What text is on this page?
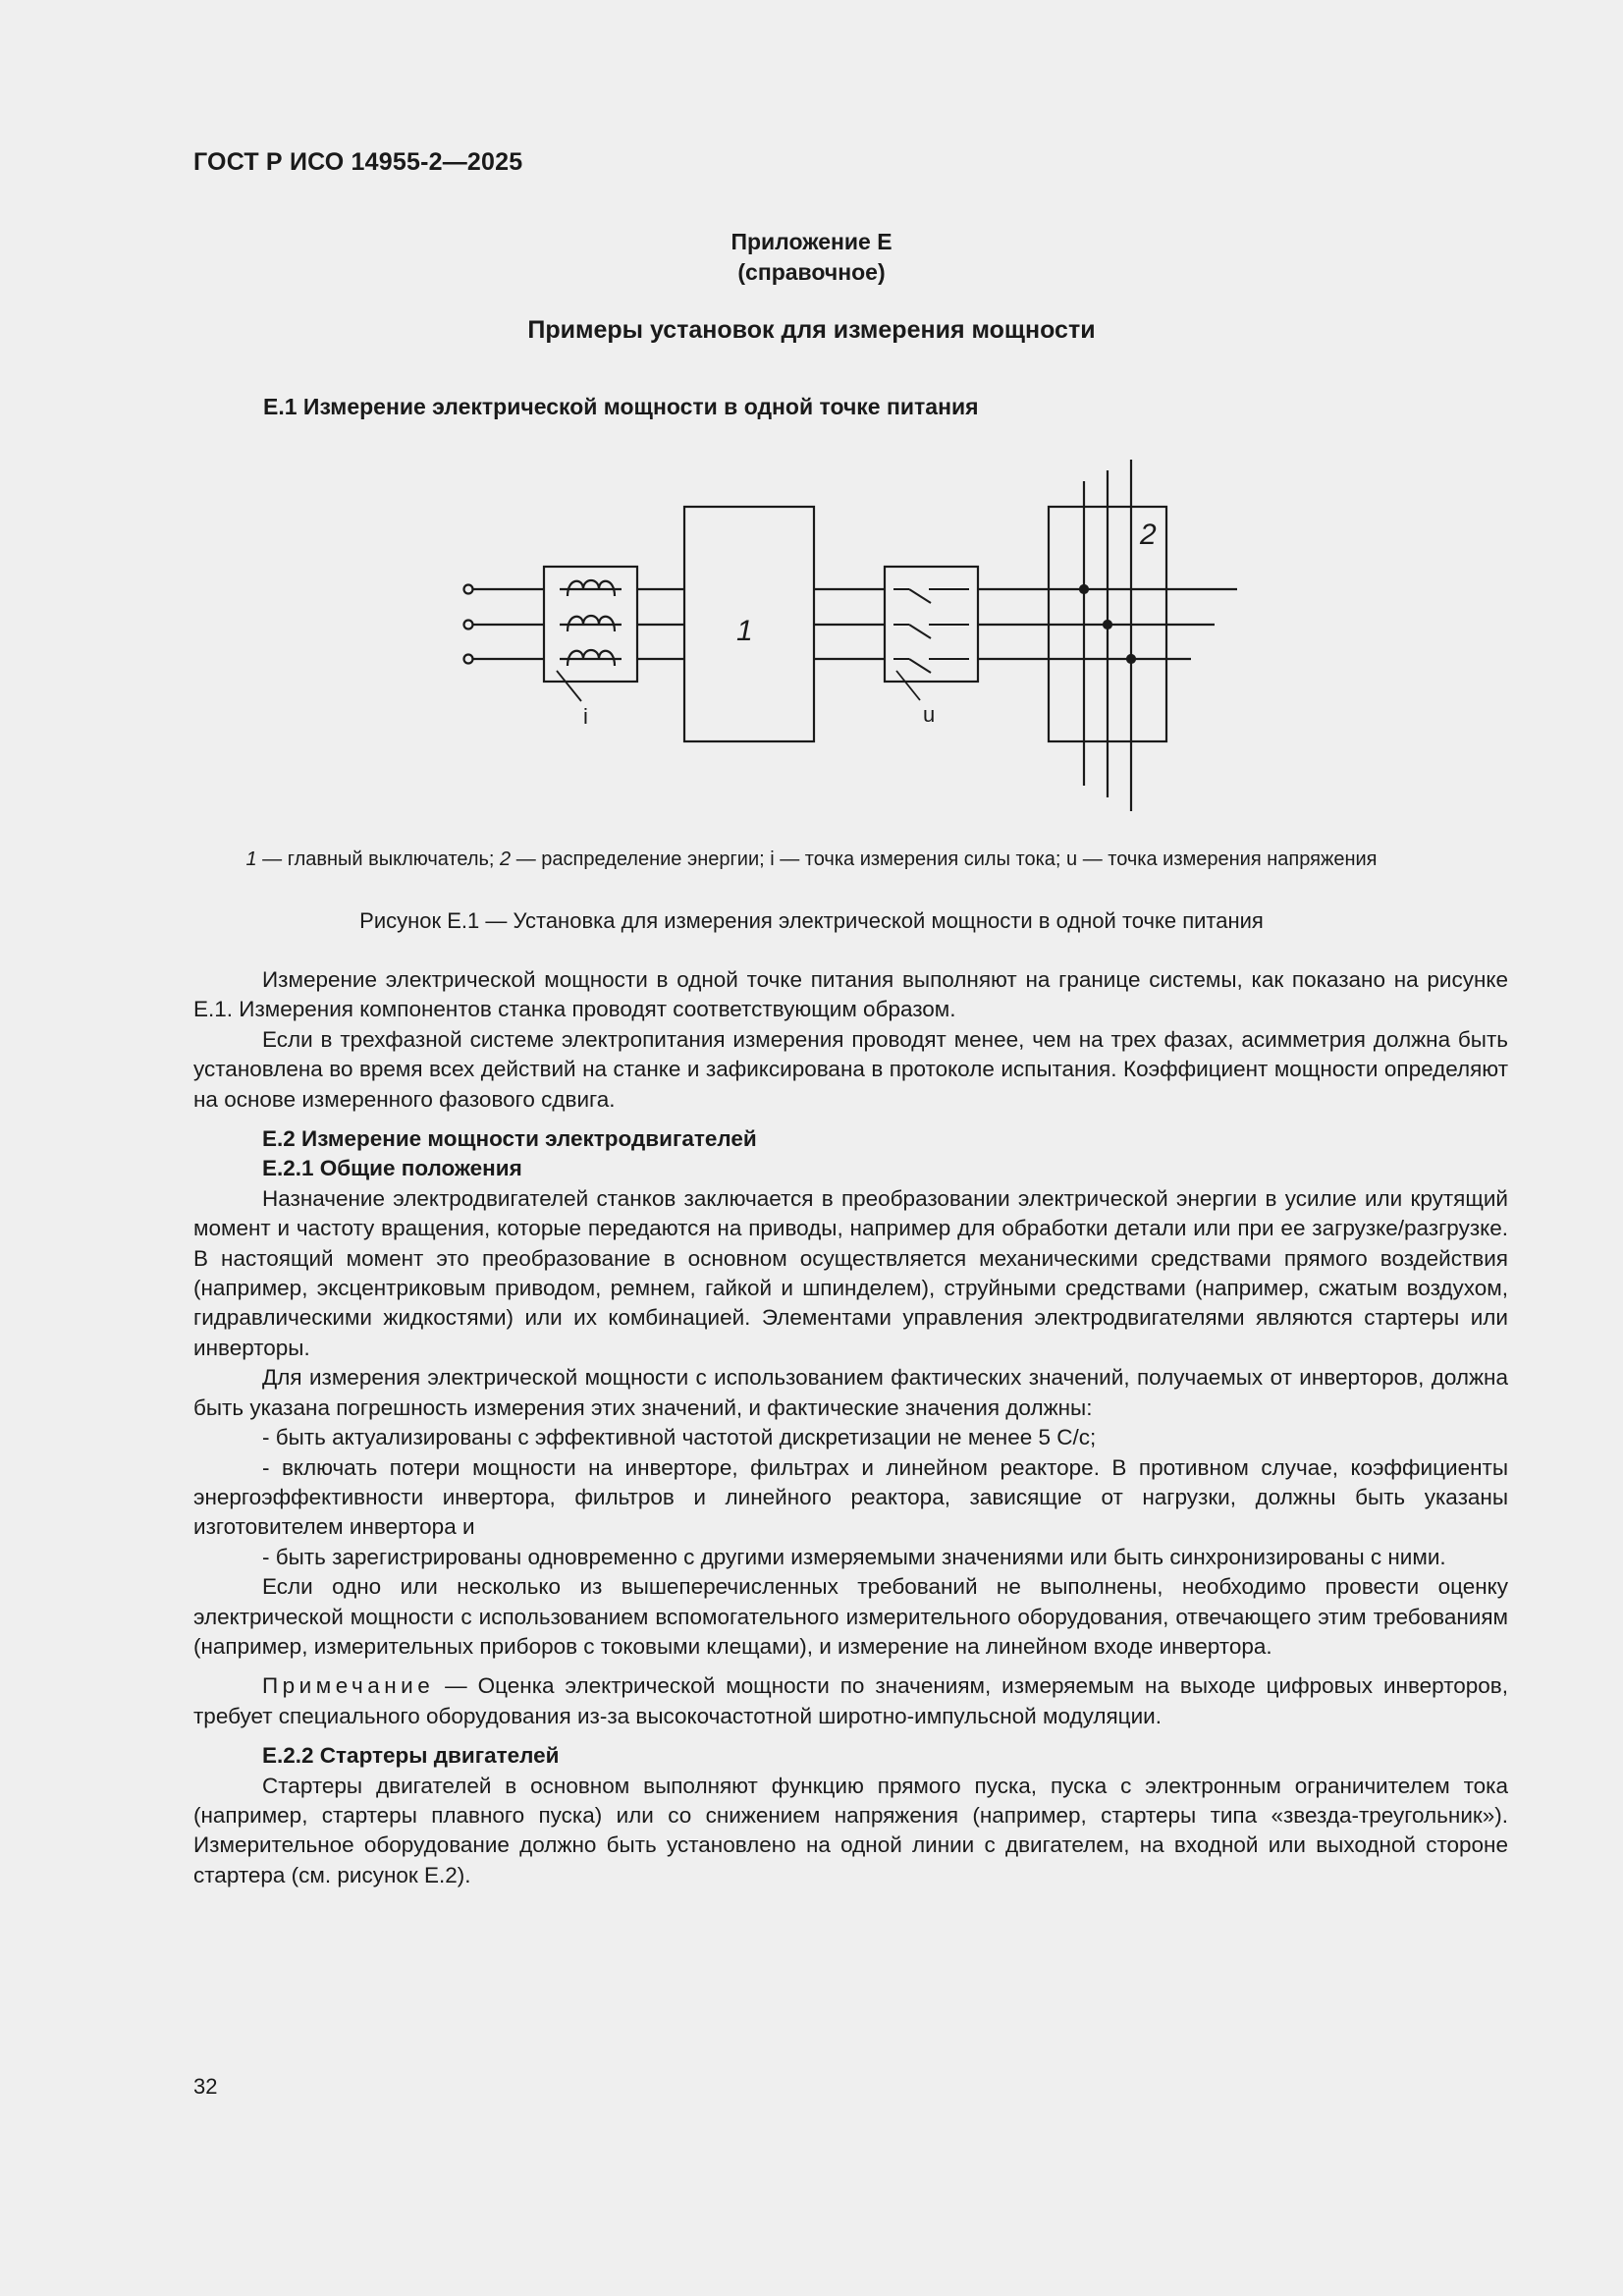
ГОСТ Р ИСО 14955-2—2025
Приложение Е
(справочное)
Примеры установок для измерения мощности
Е.1 Измерение электрической мощности в одной точке питания
1
2
i	u
1 — главный выключатель; 2 — распределение энергии; i — точка измерения силы тока; u — точка измерения напряжения
Рисунок Е.1 — Установка для измерения электрической мощности в одной точке питания

Измерение электрической мощности в одной точке питания выполняют на границе системы, как показано на рисунке Е.1. Измерения компонентов станка проводят соответствующим образом.

Если в трехфазной системе электропитания измерения проводят менее, чем на трех фазах, асимметрия должна быть установлена во время всех действий на станке и зафиксирована в протоколе испытания. Коэффициент мощности определяют на основе измеренного фазового сдвига.

Е.2 Измерение мощности электродвигателей
Е.2.1 Общие положения

Назначение электродвигателей станков заключается в преобразовании электрической энергии в усилие или крутящий момент и частоту вращения, которые передаются на приводы, например для обработки детали или при ее загрузке/разгрузке. В настоящий момент это преобразование в основном осуществляется механическими средствами прямого воздействия (например, эксцентриковым приводом, ремнем, гайкой и шпинделем), струйными средствами (например, сжатым воздухом, гидравлическими жидкостями) или их комбинацией. Элементами управления электродвигателями являются стартеры или инверторы.

Для измерения электрической мощности с использованием фактических значений, получаемых от инверторов, должна быть указана погрешность измерения этих значений, и фактические значения должны:

- быть актуализированы с эффективной частотой дискретизации не менее 5 С/с;

- включать потери мощности на инверторе, фильтрах и линейном реакторе. В противном случае, коэффициенты энергоэффективности инвертора, фильтров и линейного реактора, зависящие от нагрузки, должны быть указаны изготовителем инвертора и

- быть зарегистрированы одновременно с другими измеряемыми значениями или быть синхронизированы с ними.

Если одно или несколько из вышеперечисленных требований не выполнены, необходимо провести оценку электрической мощности с использованием вспомогательного измерительного оборудования, отвечающего этим требованиям (например, измерительных приборов с токовыми клещами), и измерение на линейном входе инвертора.

Примечание — Оценка электрической мощности по значениям, измеряемым на выходе цифровых инверторов, требует специального оборудования из-за высокочастотной широтно-импульсной модуляции.

Е.2.2 Стартеры двигателей

Стартеры двигателей в основном выполняют функцию прямого пуска, пуска с электронным ограничителем тока (например, стартеры плавного пуска) или со снижением напряжения (например, стартеры типа «звезда-треугольник»). Измерительное оборудование должно быть установлено на одной линии с двигателем, на входной или выходной стороне стартера (см. рисунок Е.2).

32
